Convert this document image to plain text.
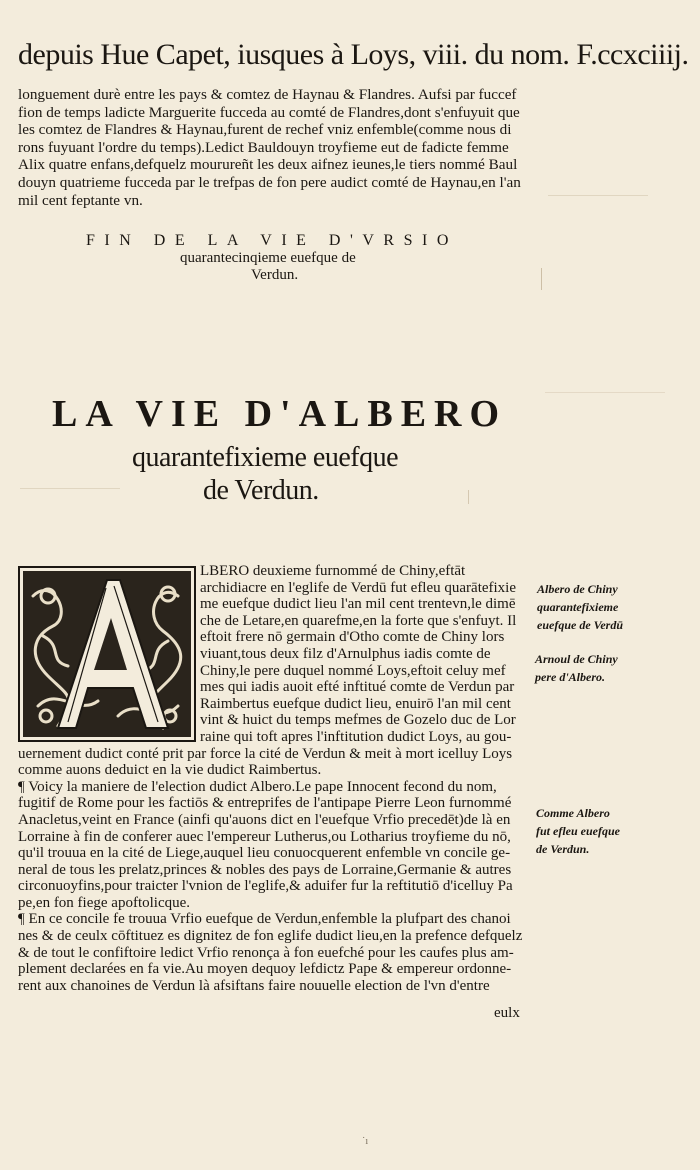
depuis Hue Capet, iusques à Loys, viii. du nom. F.ccxciiij.
longuement durè entre les pays & comtez de Haynau & Flandres. Aufsi par fuccef
fion de temps ladicte Marguerite fucceda au comté de Flandres,dont s'enfuyuit que
les comtez de Flandres & Haynau,furent de rechef vniz enfemble(comme nous di
rons fuyuant l'ordre du temps).Ledict Bauldouyn troyfieme eut de fadicte femme
Alix quatre enfans,defquelz mourureñt les deux aifnez ieunes,le tiers nommé Baul
douyn quatrieme fucceda par le trefpas de fon pere audict comté de Haynau,en l'an
mil cent feptante vn.
FIN DE LA VIE D'VRSIO
quarantecinqieme euefque de
Verdun.
LA VIE D'ALBERO
quarantefixieme euefque
de Verdun.
LBERO deuxieme furnommé de Chiny,eftāt
archidiacre en l'eglife de Verdū fut efleu quarātefixie
me euefque dudict lieu l'an mil cent trentevn,le dimē
che de Letare,en quarefme,en la forte que s'enfuyt. Il
eftoit frere nō germain d'Otho comte de Chiny lors
viuant,tous deux filz d'Arnulphus iadis comte de
Chiny,le pere duquel nommé Loys,eftoit celuy mef
mes qui iadis auoit efté inftitué comte de Verdun par
Raimbertus euefque dudict lieu, enuirō l'an mil cent
vint & huict du temps mefmes de Gozelo duc de Lor
raine qui toft apres l'inftitution dudict Loys, au gou-
uernement dudict conté prit par force la cité de Verdun & meit à mort icelluy Loys
comme auons deduict en la vie dudict Raimbertus.
¶ Voicy la maniere de l'election dudict Albero.Le pape Innocent fecond du nom,
fugitif de Rome pour les factiōs & entreprifes de l'antipape Pierre Leon furnommé
Anacletus,veint en France (ainfi qu'auons dict en l'euefque Vrfio precedēt)de là en
Lorraine à fin de conferer auec l'empereur Lutherus,ou Lotharius troyfieme du nō,
qu'il trouua en la cité de Liege,auquel lieu conuocquerent enfemble vn concile ge-
neral de tous les prelatz,princes & nobles des pays de Lorraine,Germanie & autres
circonuoyfins,pour traicter l'vnion de l'eglife,& aduifer fur la reftitutiō d'icelluy Pa
pe,en fon fiege apoftolicque.
¶ En ce concile fe trouua Vrfio euefque de Verdun,enfemble la plufpart des chanoi
nes & de ceulx cōftituez es dignitez de fon eglife dudict lieu,en la prefence defquelz
& de tout le confiftoire ledict Vrfio renonça à fon euefché pour les caufes plus am-
plement declarées en fa vie.Au moyen dequoy lefdictz Pape & empereur ordonne-
rent aux chanoines de Verdun là afsiftans faire nouuelle election de l'vn d'entre
eulx
Albero de Chiny
quarantefixieme
euefque de Verdū
Arnoul de Chiny
pere d'Albero.
Comme Albero
fut efleu euefque
de Verdun.
˙ı
